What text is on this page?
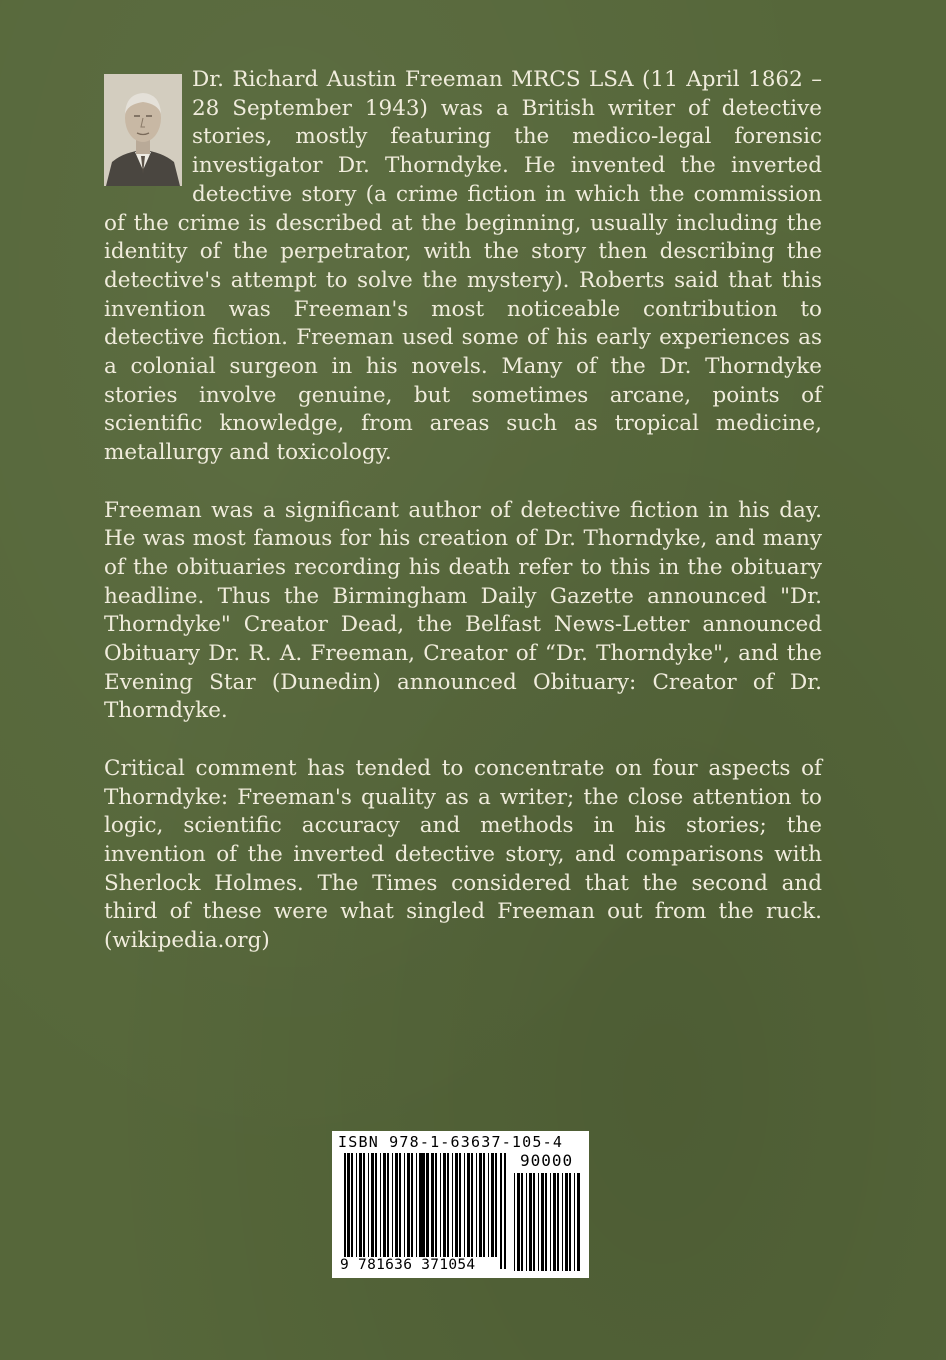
Dr. Richard Austin Freeman MRCS LSA (11 April 1862 – 28 September 1943) was a British writer of detective stories, mostly featuring the medico-legal forensic investigator Dr. Thorndyke. He invented the inverted detective story (a crime fiction in which the commission of the crime is described at the beginning, usually including the identity of the perpetrator, with the story then describing the detective's attempt to solve the mystery). Roberts said that this invention was Freeman's most noticeable contribution to detective fiction. Freeman used some of his early experiences as a colonial surgeon in his novels. Many of the Dr. Thorndyke stories involve genuine, but sometimes arcane, points of scientific knowledge, from areas such as tropical medicine, metallurgy and toxicology.

Freeman was a significant author of detective fiction in his day. He was most famous for his creation of Dr. Thorndyke, and many of the obituaries recording his death refer to this in the obituary headline. Thus the Birmingham Daily Gazette announced "Dr. Thorndyke" Creator Dead, the Belfast News-Letter announced Obituary Dr. R. A. Freeman, Creator of “Dr. Thorndyke", and the Evening Star (Dunedin) announced Obituary: Creator of Dr. Thorndyke.

Critical comment has tended to concentrate on four aspects of Thorndyke: Freeman's quality as a writer; the close attention to logic, scientific accuracy and methods in his stories; the invention of the inverted detective story, and comparisons with Sherlock Holmes. The Times considered that the second and third of these were what singled Freeman out from the ruck. (wikipedia.org)

ISBN 978-1-63637-105-4
90000
9 781636 371054
